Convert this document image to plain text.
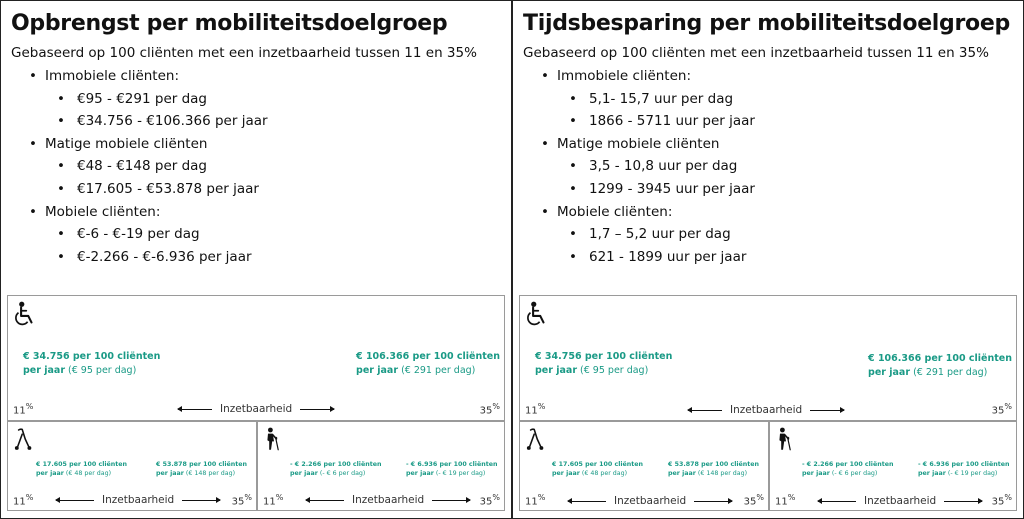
Opbrengst per mobiliteitsdoelgroep
Gebaseerd op 100 cliënten met een inzetbaarheid tussen 11 en 35%
• Immobiele cliënten:
• €95 - €291 per dag
• €34.756 - €106.366 per jaar
• Matige mobiele cliënten
• €48 - €148 per dag
• €17.605 - €53.878 per jaar
• Mobiele cliënten:
• €-6 - €-19 per dag
• €-2.266 - €-6.936 per jaar
€ 34.756 per 100 cliënten
per jaar (€ 95 per dag)
€ 106.366 per 100 cliënten
per jaar (€ 291 per dag)
11%	35%
Inzetbaarheid
€ 17.605 per 100 cliënten
per jaar (€ 48 per dag)
€ 53.878 per 100 cliënten
per jaar (€ 148 per dag)
11%	35%
Inzetbaarheid
- € 2.266 per 100 cliënten
per jaar (- € 6 per dag)
- € 6.936 per 100 cliënten
per jaar (- € 19 per dag)
11%	35%
Inzetbaarheid
Tijdsbesparing per mobiliteitsdoelgroep
Gebaseerd op 100 cliënten met een inzetbaarheid tussen 11 en 35%
• Immobiele cliënten:
• 5,1- 15,7 uur per dag
• 1866 - 5711 uur per jaar
• Matige mobiele cliënten
• 3,5 - 10,8 uur per dag
• 1299 - 3945 uur per jaar
• Mobiele cliënten:
• 1,7 – 5,2 uur per dag
• 621 - 1899 uur per jaar
€ 34.756 per 100 cliënten
per jaar (€ 95 per dag)
€ 106.366 per 100 cliënten
per jaar (€ 291 per dag)
11%	35%
Inzetbaarheid
€ 17.605 per 100 cliënten
per jaar (€ 48 per dag)
€ 53.878 per 100 cliënten
per jaar (€ 148 per dag)
11%	35%
Inzetbaarheid
- € 2.266 per 100 cliënten
per jaar (- € 6 per dag)
- € 6.936 per 100 cliënten
per jaar (- € 19 per dag)
11%	35%
Inzetbaarheid
